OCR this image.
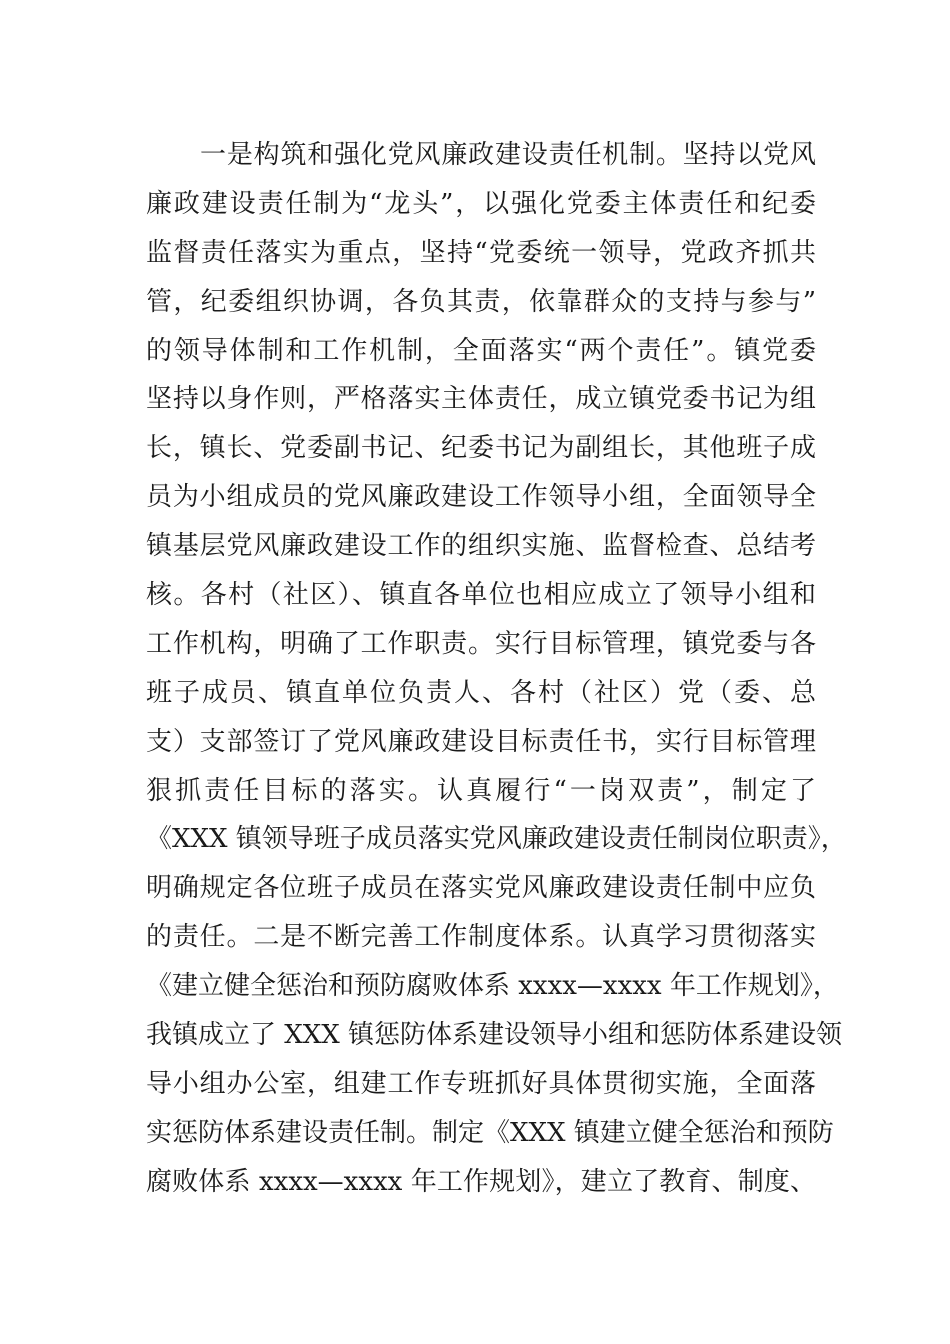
一是构筑和强化党风廉政建设责任机制。坚持以党风
廉政建设责任制为“龙头”，以强化党委主体责任和纪委
监督责任落实为重点，坚持“党委统一领导，党政齐抓共
管，纪委组织协调，各负其责，依靠群众的支持与参与”
的领导体制和工作机制，全面落实“两个责任”。镇党委
坚持以身作则，严格落实主体责任，成立镇党委书记为组
长，镇长、党委副书记、纪委书记为副组长，其他班子成
员为小组成员的党风廉政建设工作领导小组，全面领导全
镇基层党风廉政建设工作的组织实施、监督检查、总结考
核。各村（社区）、镇直各单位也相应成立了领导小组和
工作机构，明确了工作职责。实行目标管理，镇党委与各
班子成员、镇直单位负责人、各村（社区）党（委、总
支）支部签订了党风廉政建设目标责任书，实行目标管理
狠抓责任目标的落实。认真履行“一岗双责”，制定了
《XXX 镇领导班子成员落实党风廉政建设责任制岗位职责》，
明确规定各位班子成员在落实党风廉政建设责任制中应负
的责任。二是不断完善工作制度体系。认真学习贯彻落实
《建立健全惩治和预防腐败体系 xxxx—xxxx 年工作规划》，
我镇成立了 XXX 镇惩防体系建设领导小组和惩防体系建设领
导小组办公室，组建工作专班抓好具体贯彻实施，全面落
实惩防体系建设责任制。制定《XXX 镇建立健全惩治和预防
腐败体系 xxxx—xxxx 年工作规划》，建立了教育、制度、
